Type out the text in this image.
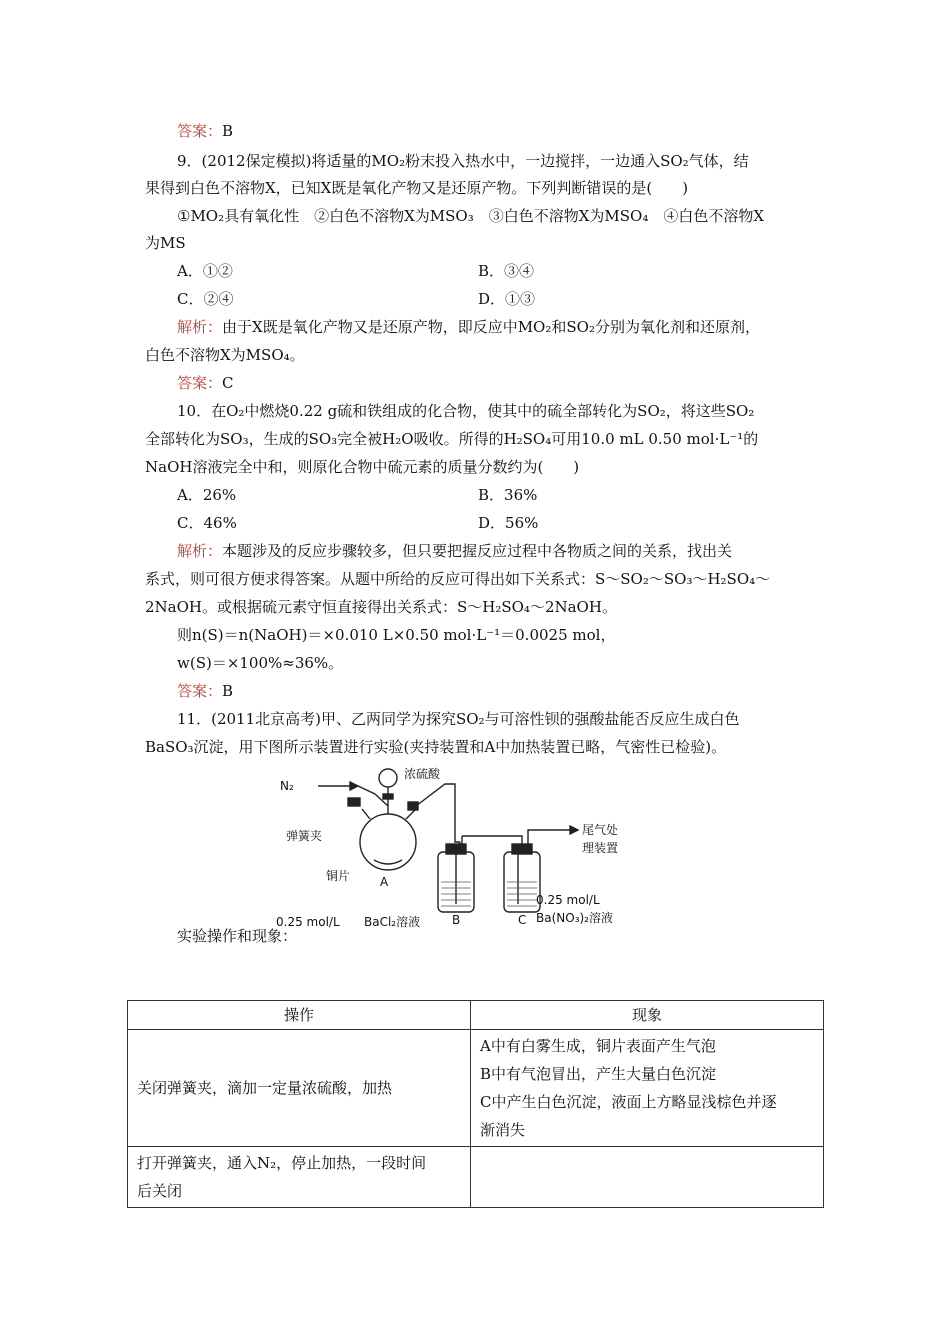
答案：B
9．(2012保定模拟)将适量的MO₂粉末投入热水中，一边搅拌，一边通入SO₂气体，结
果得到白色不溶物X，已知X既是氧化产物又是还原产物。下列判断错误的是(　　)
①MO₂具有氧化性　②白色不溶物X为MSO₃　③白色不溶物X为MSO₄　④白色不溶物X
为MS
A．①②	B．③④
C．②④	D．①③
解析：由于X既是氧化产物又是还原产物，即反应中MO₂和SO₂分别为氧化剂和还原剂，
白色不溶物X为MSO₄。
答案：C
10．在O₂中燃烧0.22 g硫和铁组成的化合物，使其中的硫全部转化为SO₂，将这些SO₂
全部转化为SO₃，生成的SO₃完全被H₂O吸收。所得的H₂SO₄可用10.0 mL 0.50 mol·L⁻¹的
NaOH溶液完全中和，则原化合物中硫元素的质量分数约为(　　)
A．26%	B．36%
C．46%	D．56%
解析：本题涉及的反应步骤较多，但只要把握反应过程中各物质之间的关系，找出关
系式，则可很方便求得答案。从题中所给的反应可得出如下关系式：S～SO₂～SO₃～H₂SO₄～
2NaOH。或根据硫元素守恒直接得出关系式：S～H₂SO₄～2NaOH。
则n(S)＝n(NaOH)＝×0.010 L×0.50 mol·L⁻¹＝0.0025 mol，
w(S)＝×100%≈36%。
答案：B
11．(2011北京高考)甲、乙两同学为探究SO₂与可溶性钡的强酸盐能否反应生成白色
BaSO₃沉淀，用下图所示装置进行实验(夹持装置和A中加热装置已略，气密性已检验)。
N₂
浓硫酸
弹簧夹	尾气处
理装置
铜片 A
B	C
0.25 mol/L BaCl₂溶液
0.25 mol/L
Ba(NO₃)₂溶液
实验操作和现象：
操作	现象
关闭弹簧夹，滴加一定量浓硫酸，加热	A中有白雾生成，铜片表面产生气泡
B中有气泡冒出，产生大量白色沉淀
C中产生白色沉淀，液面上方略显浅棕色并逐
渐消失

打开弹簧夹，通入N₂，停止加热，一段时间
后关闭	
